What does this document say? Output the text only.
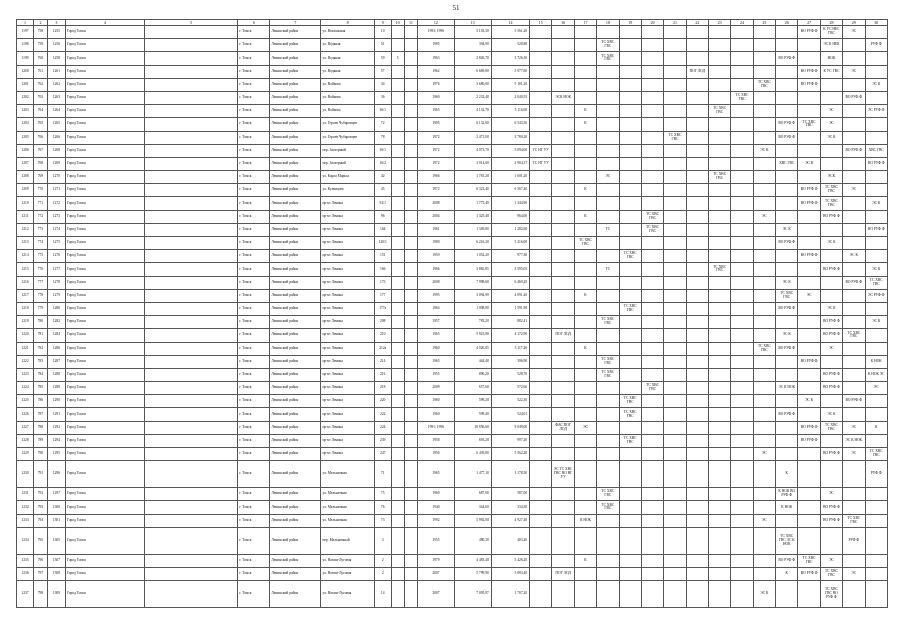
51
1	2	3	4	5	6	7	8	9	10	11	12	13	14	15	16	17	18	19	20	21	22	23	24	25	26	27	28	29	30
1197	758	1255	Город Томск		г. Томск	Ленинский район	ул. Вокзальная	10			1993; 1996	5 103,30	5 561,20													ВО РУФ Ф	К УС НЕС ГВС	ЭС	
1198	759	1256	Город Томск		г. Томск	Ленинский район	ул. Водяная	51			1985	394,90	520,80				ТС ХВС ГВС										ЭС К НЕК		РУФ Ф
1199	760	1258	Город Томск		г. Томск	Ленинский район	ул. Водяная	59	5		1963	2 826,70	3 726,30				ТС ХВС ГВС								ВО РУФ Ф		НОК		
1200	761	1261	Город Томск		г. Томск	Ленинский район	ул. Водяная	57			1962	6 669,80	5 977,60								ПОГ ЛОД					ВО РУФ Ф	К УС ГВС	ЭС	
1201	762	1262	Город Томск		г. Томск	Ленинский район	ул. Войкова	34			1976	3 680,00	5 181,20											ТС ХВС ГВС		ВО РУФ Ф			ЭС К
1202	763	1263	Город Томск		г. Томск	Ленинский район	ул. Войкова	36			1960	2 232,40	2 040,55		ЭСК НОК								ТС ХВС ГВС					ВО РУФ Ф	
1203	764	1264	Город Томск		г. Томск	Ленинский район	ул. Войкова	36/1			1965	4 132,70	5 116,00			К						ТС ХВС ГВС					ЭС		ЭС РУФ Ф
1204	765	1265	Город Томск		г. Томск	Ленинский район	ул. Героев Чубаровцев	72			1995	6 132,60	6 543,50			К									ВО РУФ Ф	ТС ХВС ГВС	ЭС		
1205	766	1266	Город Томск		г. Томск	Ленинский район	ул. Героев Чубаровцев	78			1972	2 471,00	3 780,20							ТС ХВС ГВС					ВО РУФ Ф		ЭС К		
1206	767	1268	Город Томск		г. Томск	Ленинский район	пер. Заозерный	16/1			1972	4 073,70	5 094,00	ТС НГ УУ										ЭС К				ВО РУФ Ф	ХВС ГВС
1207	768	1269	Город Томск		г. Томск	Ленинский район	пер. Заозерный	16/2			1972	3 914,60	2 904,37	ТС НГ УУ											ХВС ГВС	ЭС К			ВО РУФ Ф
1208	769	1270	Город Томск		г. Томск	Ленинский район	ул. Карла Маркса	42			1966	1 781,20	1 601,20				ЭС					ТС ХВС ГВС					ЭСК		
1209	770	1271	Город Томск		г. Томск	Ленинский район	ул. Кузнецова	45			1972	6 323,40	6 567,40			К										ВО РУФ Ф	ТС ХВС ГВС	ЭС	
1210	771	1272	Город Томск		г. Томск	Ленинский район	пр-кт Ленина	92/1			2008	1 775,40	1 344,90													ВО РУФ Ф	ТС ХВС ГВС		ЭС К
1211	772	1273	Город Томск		г. Томск	Ленинский район	пр-кт Ленина	96			2004	1 325,40	964,00			К			ТС ХВС ГВС					ЭС			ВО РУФ Ф		
1212	773	1274	Город Томск		г. Томск	Ленинский район	пр-кт Ленина	164			1961	1 349,80	1 282,60				ТС		ТС ХВС ГВС						ЭС К				ВО РУФ Ф
1213	774	1275	Город Томск		г. Томск	Ленинский район	пр-кт Ленина	120/1			1980	6 216,20	5 216,00			ТС ХВС ГВС									ВО РУФ Ф		ЭС К		
1214	775	1276	Город Томск		г. Томск	Ленинский район	пр-кт Ленина	151			1959	1 052,20	977,30					ТС ХВС ГВС								ВО РУФ Ф		ЭС К	
1215	776	1277	Город Томск		г. Томск	Ленинский район	пр-кт Ленина	166			1966	3 865,85	3 595,05				ТС					ТС ХВС ГВС					ВО РУФ Ф		ЭС К
1216	777	1278	Город Томск		г. Томск	Ленинский район	пр-кт Ленина	173			2008	7 998,60	6 469,20												ЭС К			ВО РУФ Ф	ТС ХВС ГВС
1217	778	1279	Город Томск		г. Томск	Ленинский район	пр-кт Ленина	177			1995	3 094,90	4 091,20			К									ТС ХВС ГВС	ЭС			ЭС РУФ Ф
1218	779	1280	Город Томск		г. Томск	Ленинский район	пр-кт Ленина	177а			1964	1 908,80	1 591,90					ТС ХВС ГВС							ВО РУФ Ф		ЭС К		
1219	780	1282	Город Томск		г. Томск	Ленинский район	пр-кт Ленина	208			1957	783,20	882,41				ТС ХВС ГВС										ВО РУФ Ф		ЭС К
1220	781	1284	Город Томск		г. Томск	Ленинский район	пр-кт Ленина	210			1965	5 923,80	4 172,90		ПОГ ЛОД										ЭС К		ВО РУФ Ф	ТС ХВС ГВС	
1221	782	1286	Город Томск		г. Томск	Ленинский район	пр-кт Ленина	212а			1960	4 026,05	3 117,26			К								ТС ХВС ГВС	ВО РУФ Ф		ЭС		
1222	783	1287	Город Томск		г. Томск	Ленинский район	пр-кт Ленина	214			1965	444,40	396,90				ТС ХВС ГВС									ВО РУФ Ф			К НОК
1223	784	1288	Город Томск		г. Томск	Ленинский район	пр-кт Ленина	216			1955	890,20	528,70				ТС ХВС ГВС										ВО РУФ Ф		К НОК ЭС
1224	785	1289	Город Томск		г. Томск	Ленинский район	пр-кт Ленина	218			2009	657,60	572,60						ТС ХВС ГВС						ЭС К НОК		ВО РУФ Ф		ЭС
1225	786	1290	Город Томск		г. Томск	Ленинский район	пр-кт Ленина	220			1960	599,20	522,30					ТС ХВС ГВС								ЭС К		ВО РУФ Ф	
1226	787	1291	Город Томск		г. Томск	Ленинский район	пр-кт Ленина	222			1960	599,40	524,01					ТС ХВС ГВС							ВО РУФ Ф		ЭС К		
1227	788	1292	Город Томск		г. Томск	Ленинский район	пр-кт Ленина	224			1991; 1996	10 856,60	9 049,00		ФАС ПОГ ЛОД	ЭС										ВО РУФ Ф	ТС ХВС ГВС	ЭС	К
1228	789	1294	Город Томск		г. Томск	Ленинский район	пр-кт Ленина	239			1958	693,20	997,20					ТС ХВС ГВС								ВО РУФ Ф		ЭС К НОК	
1229	790	1295	Город Томск		г. Томск	Ленинский район	пр-кт Ленина	247			1956	6 439,80	5 562,20											ЭС			ВО РУФ Ф	ЭС	ТС ХВС ГВС
1230	791	1296	Город Томск		г. Томск	Ленинский район	ул. Мельничная	71			1965	1 477,10	1 178,50		ЭС ТС ХВС ГВС ВО НГ УУ										К				РУФ Ф
1231	792	1297	Город Томск		г. Томск	Ленинский район	ул. Мельничная	75			1960	687,00	587,00				ТС ХВС ГВС								К НОК ВО РУФ Ф		ЭС		
1232	793	1300	Город Томск		г. Томск	Ленинский район	ул. Мельничная	76			1940	344,60	334,50				ТС ХВС ГВС								К НОК		ВО РУФ Ф		
1233	794	1301	Город Томск		г. Томск	Ленинский район	ул. Мельничная	73			1992	5 992,00	4 927,40			К НОК								ЭС			ВО РУФ Ф	ТС ХВС ГВС	
1234	795	1305	Город Томск		г. Томск	Ленинский район	пер. Мельничный	3			1955	480,30	403,20												ТС ХВС ГВС ЭС К НОК			РУФ Ф	
1235	796	1307	Город Томск		г. Томск	Ленинский район	ул. Нахим-Луговая	2			1979	4 483,40	5 426,20			К									ВО РУФ Ф	ТС ХВС ГВС	ЭС		
1236	797	1308	Город Томск		г. Томск	Ленинский район	ул. Нахим-Луговая	2			2007	5 799,90	5 083,40		ПОГ ЛОД										К	ВО РУФ Ф	ТС ХВС ГВС	ЭС	
1237	798	1309	Город Томск		г. Томск	Ленинский район	ул. Нахим-Луговая	14			2007	7 095,97	1 707,20											ЭС К			ТС ХВС ГВС ВО РУФ Ф		
